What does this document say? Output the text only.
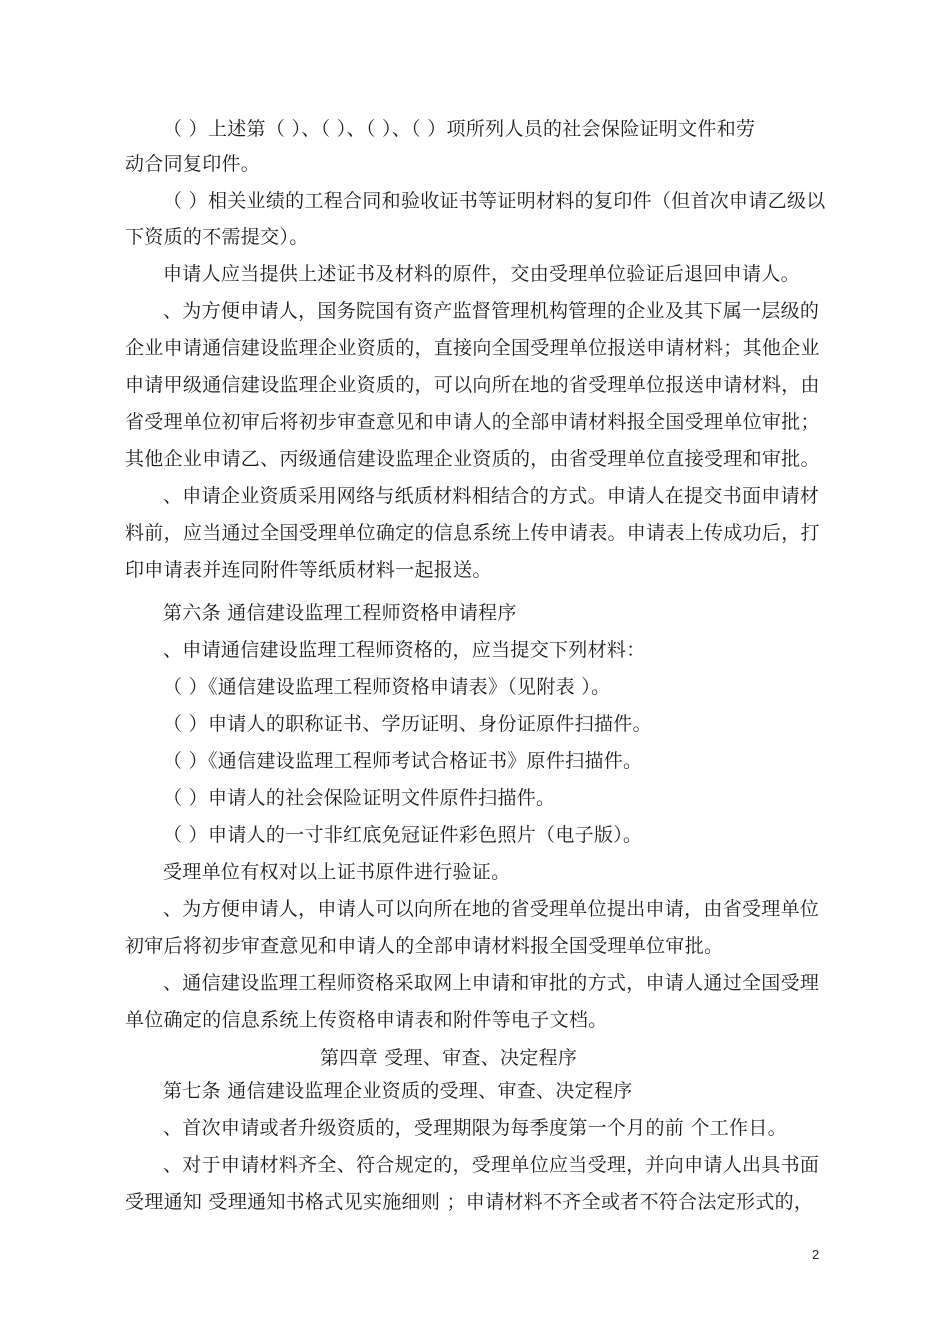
（ ）上述第（ ）、（ ）、（ ）、（ ）项所列人员的社会保险证明文件和劳
动合同复印件。
（ ）相关业绩的工程合同和验收证书等证明材料的复印件（但首次申请乙级以
下资质的不需提交）。
申请人应当提供上述证书及材料的原件，交由受理单位验证后退回申请人。
、为方便申请人，国务院国有资产监督管理机构管理的企业及其下属一层级的
企业申请通信建设监理企业资质的，直接向全国受理单位报送申请材料；其他企业
申请甲级通信建设监理企业资质的，可以向所在地的省受理单位报送申请材料，由
省受理单位初审后将初步审查意见和申请人的全部申请材料报全国受理单位审批；
其他企业申请乙、丙级通信建设监理企业资质的，由省受理单位直接受理和审批。
、申请企业资质采用网络与纸质材料相结合的方式。申请人在提交书面申请材
料前，应当通过全国受理单位确定的信息系统上传申请表。申请表上传成功后，打
印申请表并连同附件等纸质材料一起报送。
第六条 通信建设监理工程师资格申请程序
、申请通信建设监理工程师资格的，应当提交下列材料：
（ ）《通信建设监理工程师资格申请表》（见附表 ）。
（ ）申请人的职称证书、学历证明、身份证原件扫描件。
（ ）《通信建设监理工程师考试合格证书》原件扫描件。
（ ）申请人的社会保险证明文件原件扫描件。
（ ）申请人的一寸非红底免冠证件彩色照片（电子版）。
受理单位有权对以上证书原件进行验证。
、为方便申请人，申请人可以向所在地的省受理单位提出申请，由省受理单位
初审后将初步审查意见和申请人的全部申请材料报全国受理单位审批。
、通信建设监理工程师资格采取网上申请和审批的方式，申请人通过全国受理
单位确定的信息系统上传资格申请表和附件等电子文档。
第四章 受理、审查、决定程序
第七条 通信建设监理企业资质的受理、审查、决定程序
、首次申请或者升级资质的，受理期限为每季度第一个月的前 个工作日。
、对于申请材料齐全、符合规定的，受理单位应当受理，并向申请人出具书面
受理通知 受理通知书格式见实施细则 ；申请材料不齐全或者不符合法定形式的，
2
